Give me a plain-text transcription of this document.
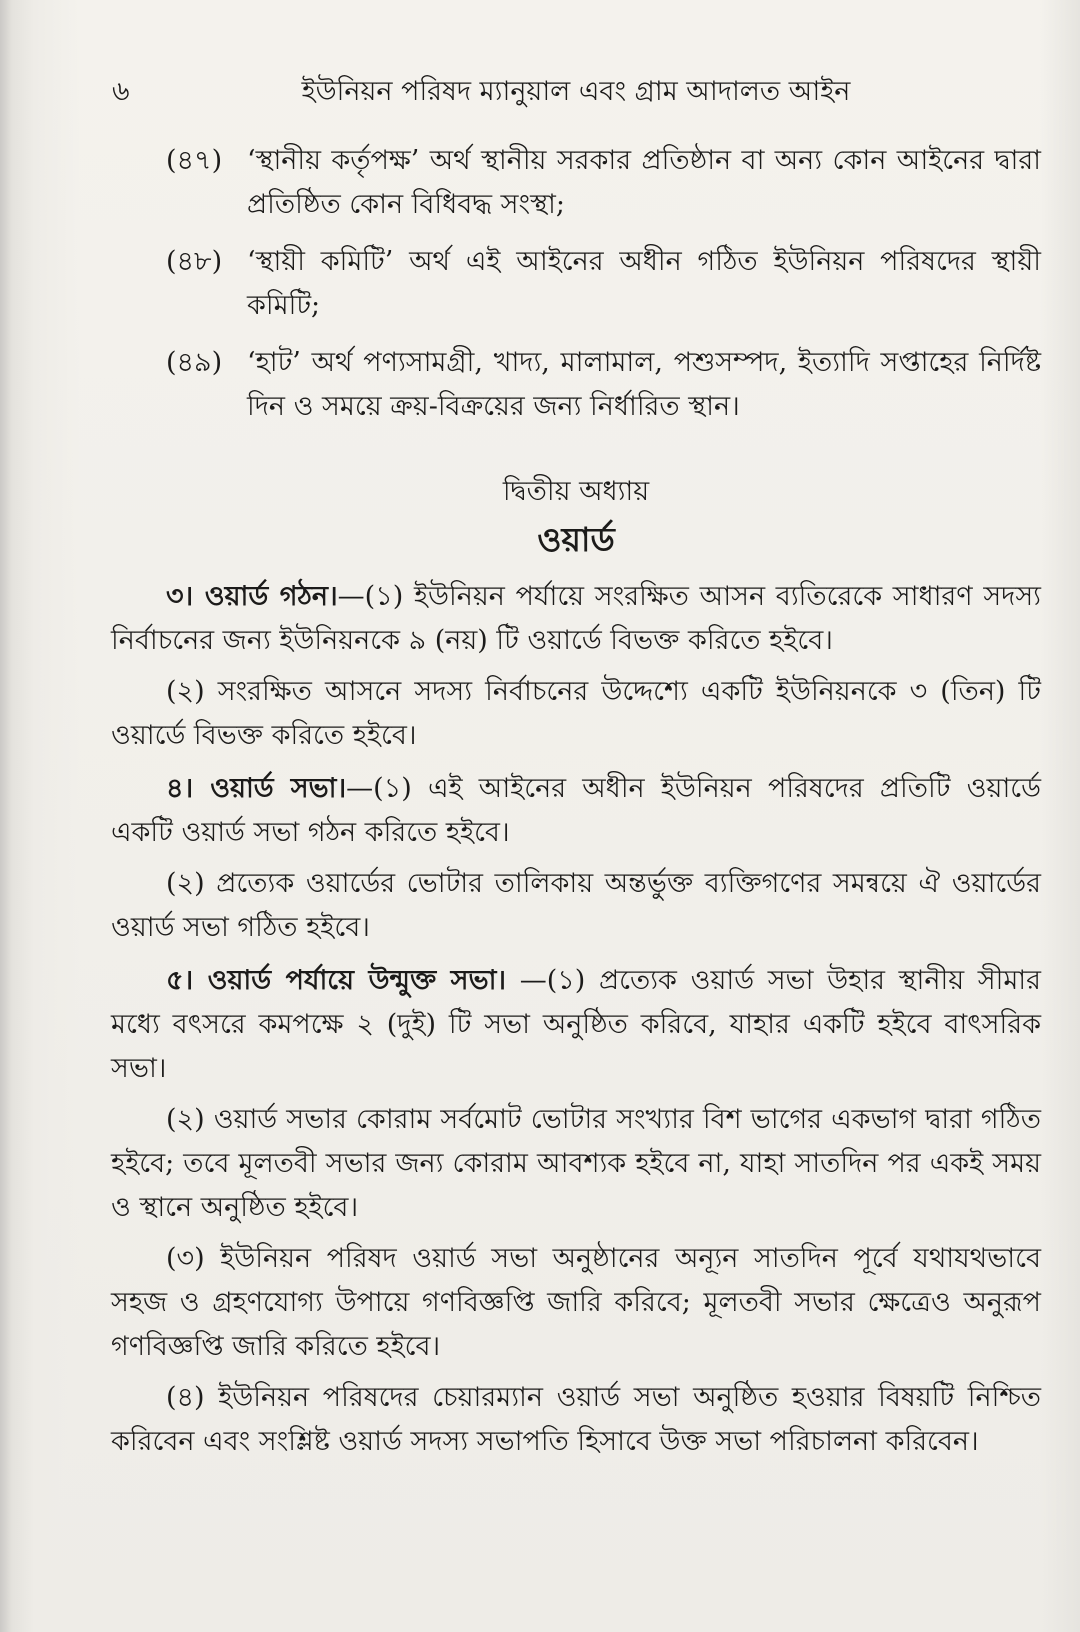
৬	ইউনিয়ন পরিষদ ম্যানুয়াল এবং গ্রাম আদালত আইন
(৪৭) ‘স্থানীয় কর্তৃপক্ষ’ অর্থ স্থানীয় সরকার প্রতিষ্ঠান বা অন্য কোন আইনের দ্বারা প্রতিষ্ঠিত কোন বিধিবদ্ধ সংস্থা;
(৪৮) ‘স্থায়ী কমিটি’ অর্থ এই আইনের অধীন গঠিত ইউনিয়ন পরিষদের স্থায়ী কমিটি;
(৪৯) ‘হাট’ অর্থ পণ্যসামগ্রী, খাদ্য, মালামাল, পশুসম্পদ, ইত্যাদি সপ্তাহের নির্দিষ্ট দিন ও সময়ে ক্রয়-বিক্রয়ের জন্য নির্ধারিত স্থান।
দ্বিতীয় অধ্যায়
ওয়ার্ড

৩। ওয়ার্ড গঠন।—(১) ইউনিয়ন পর্যায়ে সংরক্ষিত আসন ব্যতিরেকে সাধারণ সদস্য নির্বাচনের জন্য ইউনিয়নকে ৯ (নয়) টি ওয়ার্ডে বিভক্ত করিতে হইবে।

(২) সংরক্ষিত আসনে সদস্য নির্বাচনের উদ্দেশ্যে একটি ইউনিয়নকে ৩ (তিন) টি ওয়ার্ডে বিভক্ত করিতে হইবে।

৪। ওয়ার্ড সভা।—(১) এই আইনের অধীন ইউনিয়ন পরিষদের প্রতিটি ওয়ার্ডে একটি ওয়ার্ড সভা গঠন করিতে হইবে।

(২) প্রত্যেক ওয়ার্ডের ভোটার তালিকায় অন্তর্ভুক্ত ব্যক্তিগণের সমন্বয়ে ঐ ওয়ার্ডের ওয়ার্ড সভা গঠিত হইবে।

৫। ওয়ার্ড পর্যায়ে উন্মুক্ত সভা। —(১) প্রত্যেক ওয়ার্ড সভা উহার স্থানীয় সীমার মধ্যে বৎসরে কমপক্ষে ২ (দুই) টি সভা অনুষ্ঠিত করিবে, যাহার একটি হইবে বাৎসরিক সভা।

(২) ওয়ার্ড সভার কোরাম সর্বমোট ভোটার সংখ্যার বিশ ভাগের একভাগ দ্বারা গঠিত হইবে; তবে মূলতবী সভার জন্য কোরাম আবশ্যক হইবে না, যাহা সাতদিন পর একই সময় ও স্থানে অনুষ্ঠিত হইবে।

(৩) ইউনিয়ন পরিষদ ওয়ার্ড সভা অনুষ্ঠানের অন্যূন সাতদিন পূর্বে যথাযথভাবে সহজ ও গ্রহণযোগ্য উপায়ে গণবিজ্ঞপ্তি জারি করিবে; মূলতবী সভার ক্ষেত্রেও অনুরূপ গণবিজ্ঞপ্তি জারি করিতে হইবে।

(৪) ইউনিয়ন পরিষদের চেয়ারম্যান ওয়ার্ড সভা অনুষ্ঠিত হওয়ার বিষয়টি নিশ্চিত করিবেন এবং সংশ্লিষ্ট ওয়ার্ড সদস্য সভাপতি হিসাবে উক্ত সভা পরিচালনা করিবেন।
